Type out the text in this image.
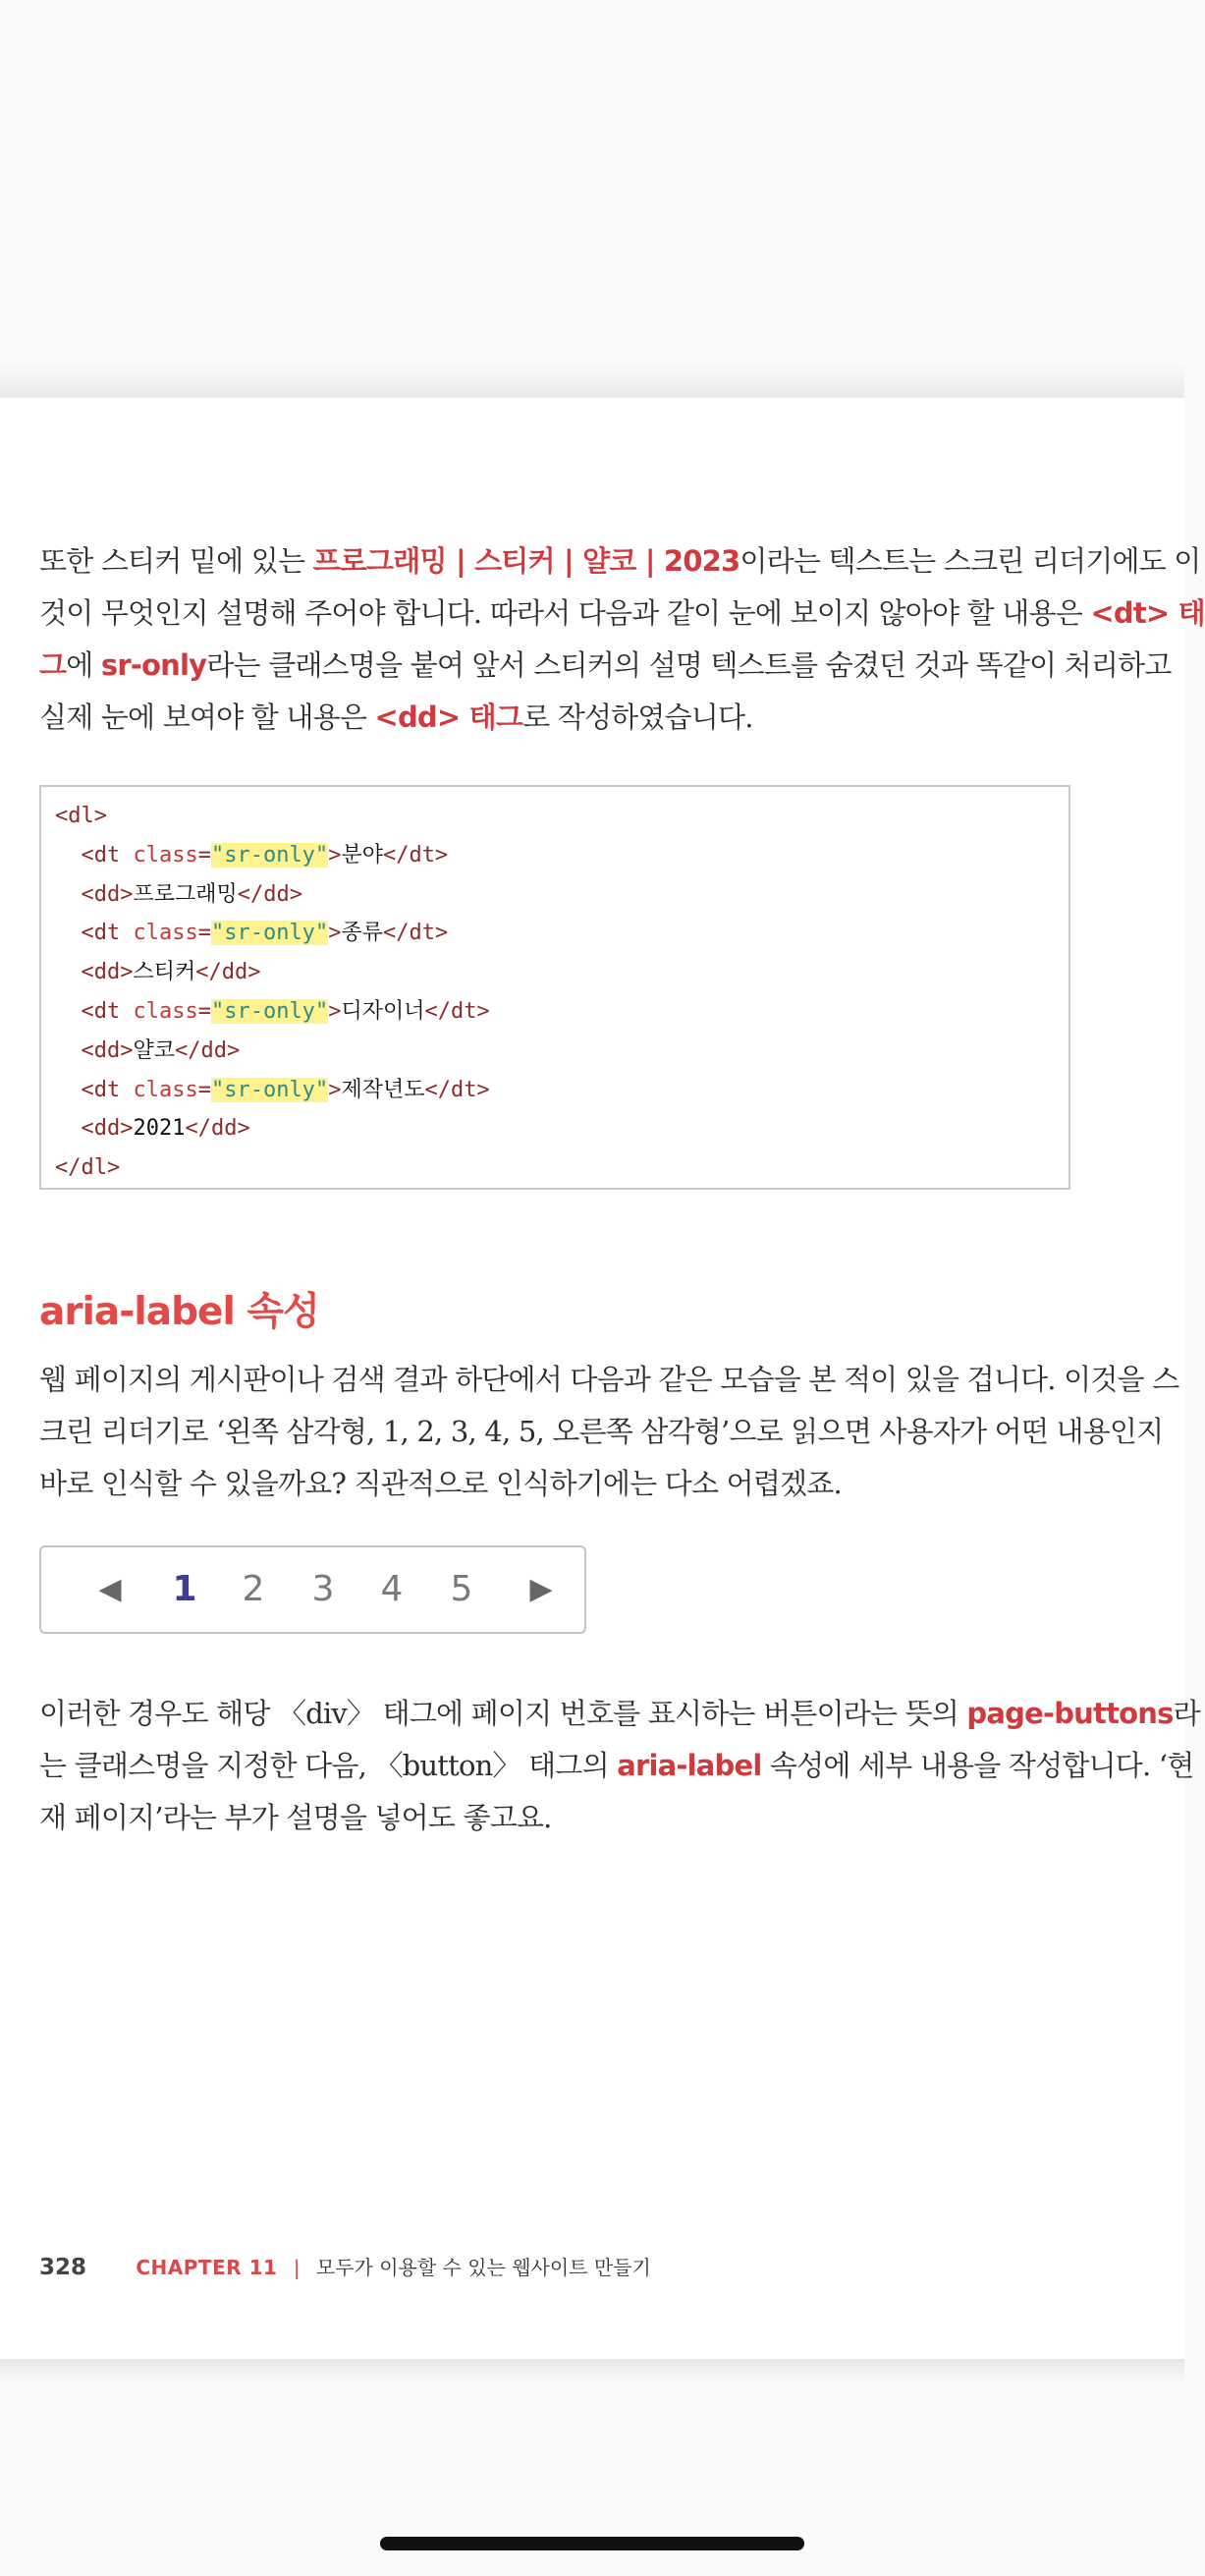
또한 스티커 밑에 있는 프로그래밍 | 스티커 | 얄코 | 2023이라는 텍스트는 스크린 리더기에도 이
것이 무엇인지 설명해 주어야 합니다. 따라서 다음과 같이 눈에 보이지 않아야 할 내용은 <dt> 태
그에 sr-only라는 클래스명을 붙여 앞서 스티커의 설명 텍스트를 숨겼던 것과 똑같이 처리하고
실제 눈에 보여야 할 내용은 <dd> 태그로 작성하였습니다.
<dl>
<dt class="sr-only">분야</dt>
<dd>프로그래밍</dd>
<dt class="sr-only">종류</dt>
<dd>스티커</dd>
<dt class="sr-only">디자이너</dt>
<dd>얄코</dd>
<dt class="sr-only">제작년도</dt>
<dd>2021</dd>
</dl>
aria-label 속성
웹 페이지의 게시판이나 검색 결과 하단에서 다음과 같은 모습을 본 적이 있을 겁니다. 이것을 스
크린 리더기로 ‘왼쪽 삼각형, 1, 2, 3, 4, 5, 오른쪽 삼각형’으로 읽으면 사용자가 어떤 내용인지
바로 인식할 수 있을까요? 직관적으로 인식하기에는 다소 어렵겠죠.
◀ 1 2 3 4 5 ▶
이러한 경우도 해당 〈div〉 태그에 페이지 번호를 표시하는 버튼이라는 뜻의 page-buttons라
는 클래스명을 지정한 다음, 〈button〉 태그의 aria-label 속성에 세부 내용을 작성합니다. ‘현
재 페이지’라는 부가 설명을 넣어도 좋고요.
328	CHAPTER 11 | 모두가 이용할 수 있는 웹사이트 만들기
